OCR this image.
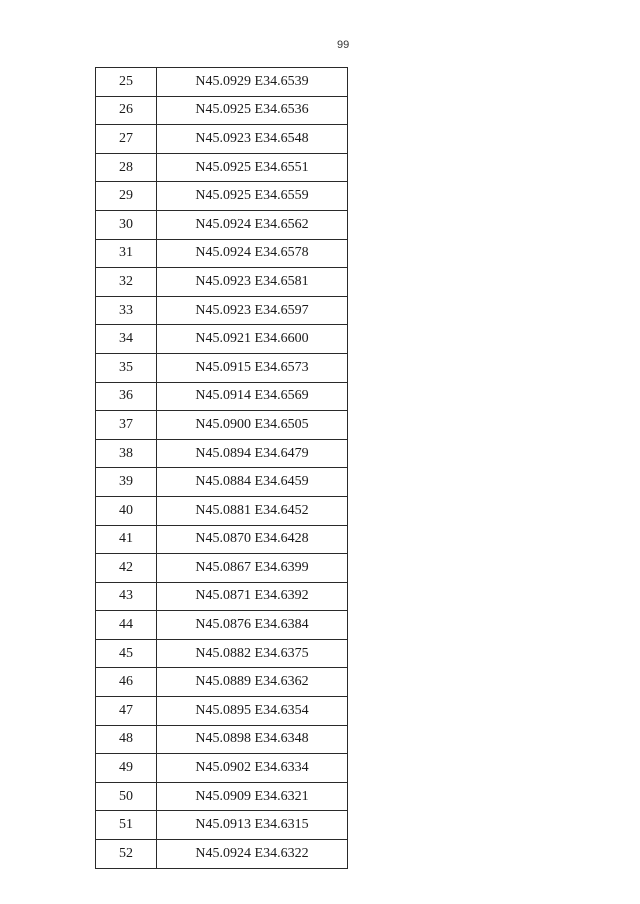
99
25	N45.0929 E34.6539
26	N45.0925 E34.6536
27	N45.0923 E34.6548
28	N45.0925 E34.6551
29	N45.0925 E34.6559
30	N45.0924 E34.6562
31	N45.0924 E34.6578
32	N45.0923 E34.6581
33	N45.0923 E34.6597
34	N45.0921 E34.6600
35	N45.0915 E34.6573
36	N45.0914 E34.6569
37	N45.0900 E34.6505
38	N45.0894 E34.6479
39	N45.0884 E34.6459
40	N45.0881 E34.6452
41	N45.0870 E34.6428
42	N45.0867 E34.6399
43	N45.0871 E34.6392
44	N45.0876 E34.6384
45	N45.0882 E34.6375
46	N45.0889 E34.6362
47	N45.0895 E34.6354
48	N45.0898 E34.6348
49	N45.0902 E34.6334
50	N45.0909 E34.6321
51	N45.0913 E34.6315
52	N45.0924 E34.6322
